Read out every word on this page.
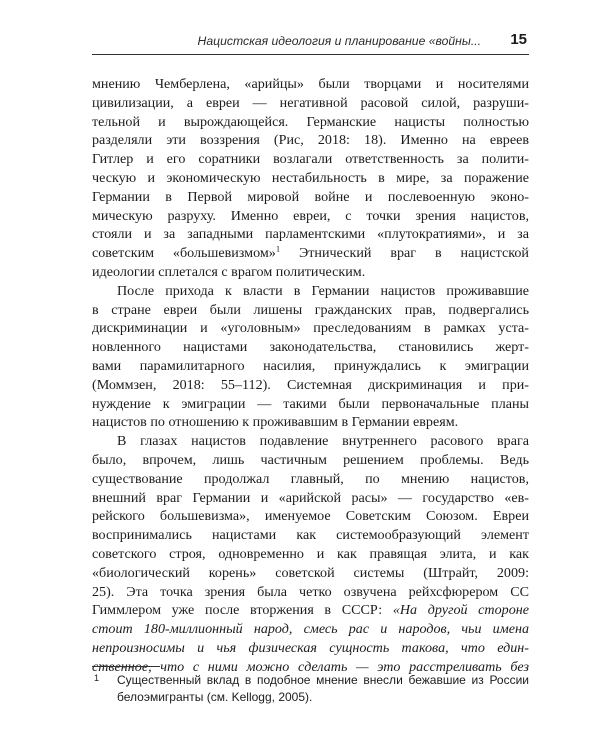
Нацистская идеология и планирование «войны... 15
мнению Чемберлена, «арийцы» были творцами и носителями
цивилизации, а евреи — негативной расовой силой, разруши-
тельной и вырождающейся. Германские нацисты полностью
разделяли эти воззрения (Рис, 2018: 18). Именно на евреев
Гитлер и его соратники возлагали ответственность за полити-
ческую и экономическую нестабильность в мире, за поражение
Германии в Первой мировой войне и послевоенную эконо-
мическую разруху. Именно евреи, с точки зрения нацистов,
стояли и за западными парламентскими «плутократиями», и за
советским «большевизмом»$^1$ Этнический враг в нацистской
идеологии сплетался с врагом политическим.
После прихода к власти в Германии нацистов проживавшие
в стране евреи были лишены гражданских прав, подвергались
дискриминации и «уголовным» преследованиям в рамках уста-
новленного нацистами законодательства, становились жерт-
вами парамилитарного насилия, принуждались к эмиграции
(Моммзен, 2018: 55–112). Системная дискриминация и при-
нуждение к эмиграции — такими были первоначальные планы
нацистов по отношению к проживавшим в Германии евреям.
В глазах нацистов подавление внутреннего расового врага
было, впрочем, лишь частичным решением проблемы. Ведь
существование продолжал главный, по мнению нацистов,
внешний враг Германии и «арийской расы» — государство «ев-
рейского большевизма», именуемое Советским Союзом. Евреи
воспринимались нацистами как системообразующий элемент
советского строя, одновременно и как правящая элита, и как
«биологический корень» советской системы (Штрайт, 2009:
25). Эта точка зрения была четко озвучена рейхсфюрером СС
Гиммлером уже после вторжения в СССР: «На другой стороне
стоит 180-миллионный народ, смесь рас и народов, чьи имена
непроизносимы и чья физическая сущность такова, что един-
ственное, что с ними можно сделать — это расстреливать без
1 Существенный вклад в подобное мнение внесли бежавшие из России
белоэмигранты (см. Kellogg, 2005).
